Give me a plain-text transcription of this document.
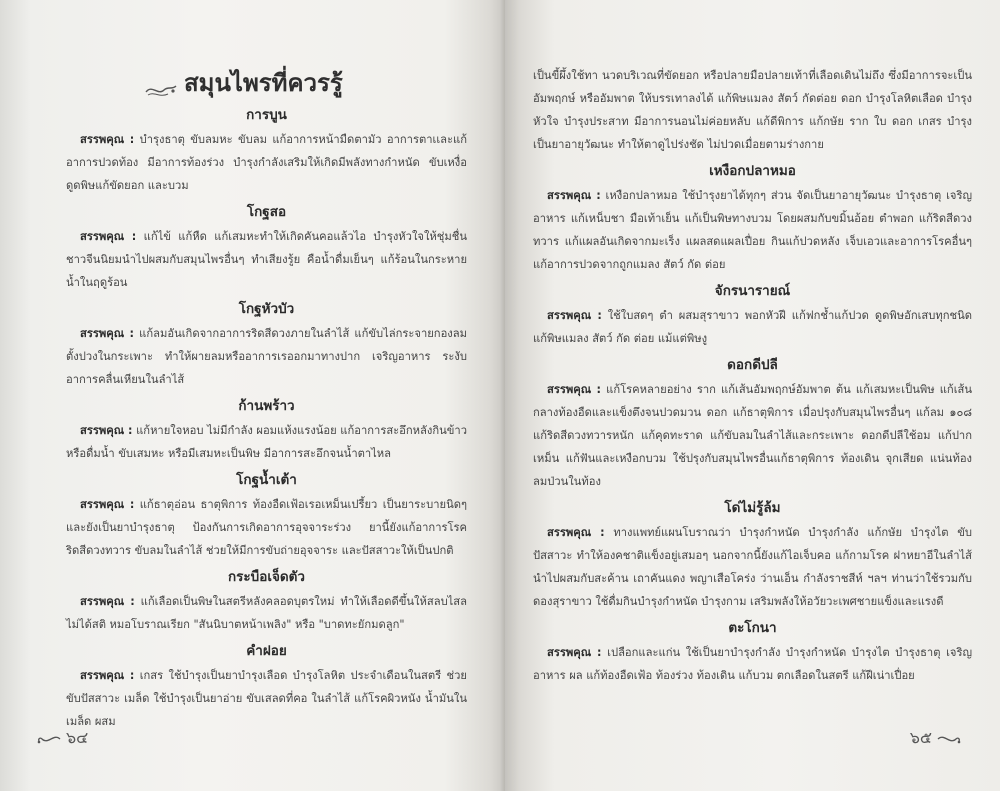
สมุนไพรที่ควรรู้
การบูน

สรรพคุณ : บำรุงธาตุ ขับลมหะ ขับลม แก้อาการหน้ามืดตามัว อาการตาเเละแก้อาการปวดท้อง มีอาการท้องร่วง บำรุงกำลังเสริมให้เกิดมีพลังทางกำหนัด ขับเหงื่อ ดูดพิษแก้ขัดยอก และบวม

โกฐสอ

สรรพคุณ : แก้ไข้ แก้หืด แก้เสมหะทำให้เกิดคันคอแล้วไอ บำรุงหัวใจให้ชุ่มชื่น ชาวจีนนิยมนำไปผสมกับสมุนไพรอื่นๆ ทำเสียงรู้ย คือน้ำดื่มเย็นๆ แก้ร้อนในกระหายน้ำในฤดูร้อน

โกฐหัวบัว

สรรพคุณ : แก้ลมอันเกิดจากอาการริดสีดวงภายในลำไส้ แก้ขับไล่กระจายกองลมตั้งปวงในกระเพาะ ทำให้ผายลมหรืออาการเรออกมาทางปาก เจริญอาหาร ระงับอาการคลื่นเหียนในลำไส้

ก้านพร้าว

สรรพคุณ : แก้หายใจหอบ ไม่มีกำลัง ผอมแห้งแรงน้อย แก้อาการสะอึกหลังกินข้าวหรือดื่มน้ำ ขับเสมหะ หรือมีเสมหะเป็นพิษ มีอาการสะอึกจนน้ำตาไหล

โกฐน้ำเต้า

สรรพคุณ : แก้ธาตุอ่อน ธาตุพิการ ท้องอืดเฟ้อเรอเหม็นเปรี้ยว เป็นยาระบายนิดๆ และยังเป็นยาบำรุงธาตุ ป้องกันการเกิดอาการอุจจาระร่วง ยานี้ยังแก้อาการโรคริดสีดวงทวาร ขับลมในลำไส้ ช่วยให้มีการขับถ่ายอุจจาระ และปัสสาวะให้เป็นปกติ

กระบือเจ็ดตัว

สรรพคุณ : แก้เลือดเป็นพิษในสตรีหลังคลอดบุตรใหม่ ทำให้เลือดดีขึ้นให้สลบไสลไม่ได้สติ หมอโบราณเรียก "สันนิบาตหน้าเพลิง" หรือ "บาดทะยักมดลูก"

คำฝอย

สรรพคุณ : เกสร ใช้บำรุงเป็นยาบำรุงเลือด บำรุงโลหิต ประจำเดือนในสตรี ช่วยขับปัสสาวะ เมล็ด ใช้บำรุงเป็นยาอ่าย ขับเสลดที่คอ ในลำไส้ แก้โรคผิวหนัง น้ำมันในเมล็ด ผสม

๖๔

เป็นขี้ผึ้งใช้ทา นวดบริเวณที่ขัดยอก หรือปลายมือปลายเท้าที่เลือดเดินไม่ถึง ซึ่งมีอาการจะเป็นอัมพฤกษ์ หรืออัมพาต ให้บรรเทาลงได้ แก้พิษแมลง สัตว์ กัดต่อย ดอก บำรุงโลหิตเลือด บำรุงหัวใจ บำรุงประสาท มีอาการนอนไม่ค่อยหลับ แก้ดีพิการ แก้กษัย ราก ใบ ดอก เกสร บำรุงเป็นยาอายุวัฒนะ ทำให้ตาดูไปร่งชัด ไม่ปวดเมื่อยตามร่างกาย

เหงือกปลาหมอ

สรรพคุณ : เหงือกปลาหมอ ใช้บำรุงยาได้ทุกๆ ส่วน จัดเป็นยาอายุวัฒนะ บำรุงธาตุ เจริญอาหาร แก้เหน็บชา มือเท้าเย็น แก้เป็นพิษทางบวม โดยผสมกับขมิ้นอ้อย ตำพอก แก้ริดสีดวงทวาร แก้แผลอันเกิดจากมะเร็ง แผลสดแผลเปื่อย กินแก้ปวดหลัง เจ็บเอวและอาการโรคอื่นๆ แก้อาการปวดจากถูกแมลง สัตว์ กัด ต่อย

จักรนารายณ์

สรรพคุณ : ใช้ใบสดๆ ตำ ผสมสุราขาว พอกหัวฝี แก้ฟกช้ำแก้ปวด ดูดพิษอักเสบทุกชนิด แก้พิษแมลง สัตว์ กัด ต่อย แม้แต่พิษงู

ดอกดีปลี

สรรพคุณ : แก้โรคหลายอย่าง ราก แก้เส้นอัมพฤกษ์อัมพาต ต้น แก้เสมหะเป็นพิษ แก้เส้นกลางท้องอืดและแข็งตึงจนปวดมวน ดอก แก้ธาตุพิการ เมื่อปรุงกับสมุนไพรอื่นๆ แก้ลม ๑๐๘ แก้ริดสีดวงทวารหนัก แก้คุดทะราด แก้ขับลมในลำไส้และกระเพาะ ดอกดีปลีใช้อม แก้ปากเหม็น แก้ฟันและเหงือกบวม ใช้ปรุงกับสมุนไพรอื่นแก้ธาตุพิการ ท้องเดิน จุกเสียด แน่นท้อง ลมป่วนในท้อง

โด่ไม่รู้ล้ม

สรรพคุณ : ทางแพทย์แผนโบราณว่า บำรุงกำหนัด บำรุงกำลัง แก้กษัย บำรุงไต ขับปัสสาวะ ทำให้องคชาติแข็งอยู่เสมอๆ นอกจากนี้ยังแก้ไอเจ็บคอ แก้กามโรค ฝาหยาอีในลำไส้ นำไปผสมกับสะค้าน เถาคันแดง พญาเสือโคร่ง ว่านเอ็น กำลังราชสีห์ ฯลฯ ท่านว่าใช้รวมกับดองสุราขาว ใช้ดื่มกินบำรุงกำหนัด บำรุงกาม เสริมพลังให้อวัยวะเพศชายแข็งและแรงดี

ตะโกนา

สรรพคุณ : เปลือกและแก่น ใช้เป็นยาบำรุงกำลัง บำรุงกำหนัด บำรุงไต บำรุงธาตุ เจริญอาหาร ผล แก้ท้องอืดเฟ้อ ท้องร่วง ท้องเดิน แก้บวม ตกเลือดในสตรี แก้ฝีเน่าเปื่อย

๖๕
